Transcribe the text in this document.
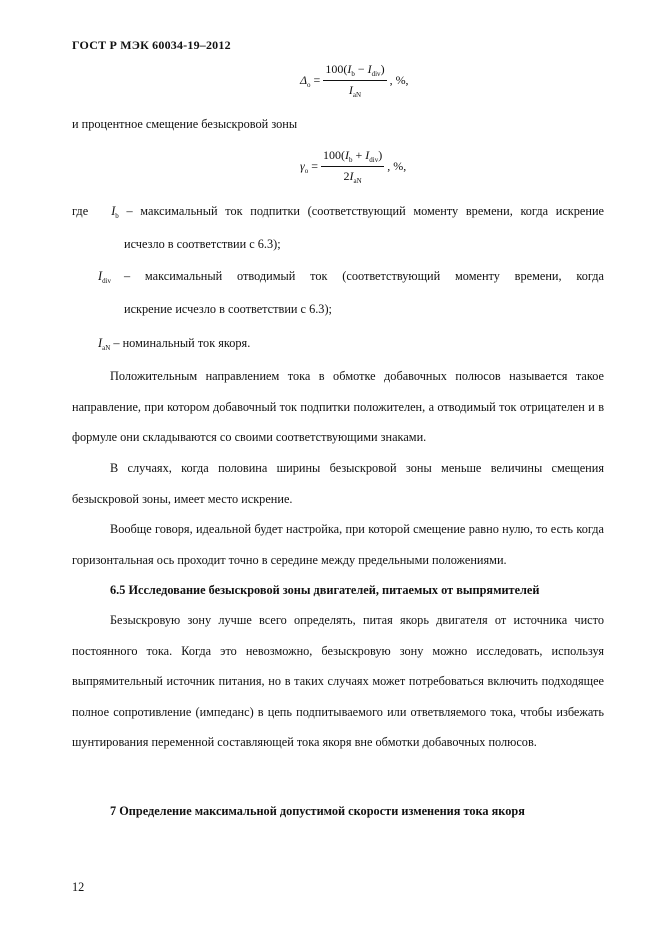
ГОСТ Р МЭК 60034-19–2012
$\Delta_o = \frac{100(I_b - I_{div})}{I_{aN}}$ , %,
и процентное смещение безыскровой зоны
$\gamma_o = \frac{100(I_b + I_{div})}{2I_{aN}}$ , %,
где $I_b$ – максимальный ток подпитки (соответствующий моменту времени, когда искрение
исчезло в соответствии с 6.3);
$I_{div}$ – максимальный отводимый ток (соответствующий моменту времени, когда
искрение исчезло в соответствии с 6.3);
$I_{aN}$ – номинальный ток якоря.
Положительным направлением тока в обмотке добавочных полюсов называется такое направление, при котором добавочный ток подпитки положителен, а отводимый ток отрицателен и в формуле они складываются со своими соответствующими знаками.
В случаях, когда половина ширины безыскровой зоны меньше величины смещения безыскровой зоны, имеет место искрение.
Вообще говоря, идеальной будет настройка, при которой смещение равно нулю, то есть когда горизонтальная ось проходит точно в середине между предельными положениями.
6.5 Исследование безыскровой зоны двигателей, питаемых от выпрямителей
Безыскровую зону лучше всего определять, питая якорь двигателя от источника чисто постоянного тока. Когда это невозможно, безыскровую зону можно исследовать, используя выпрямительный источник питания, но в таких случаях может потребоваться включить подходящее полное сопротивление (импеданс) в цепь подпитываемого или ответвляемого тока, чтобы избежать шунтирования переменной составляющей тока якоря вне обмотки добавочных полюсов.
7 Определение максимальной допустимой скорости изменения тока якоря
12
